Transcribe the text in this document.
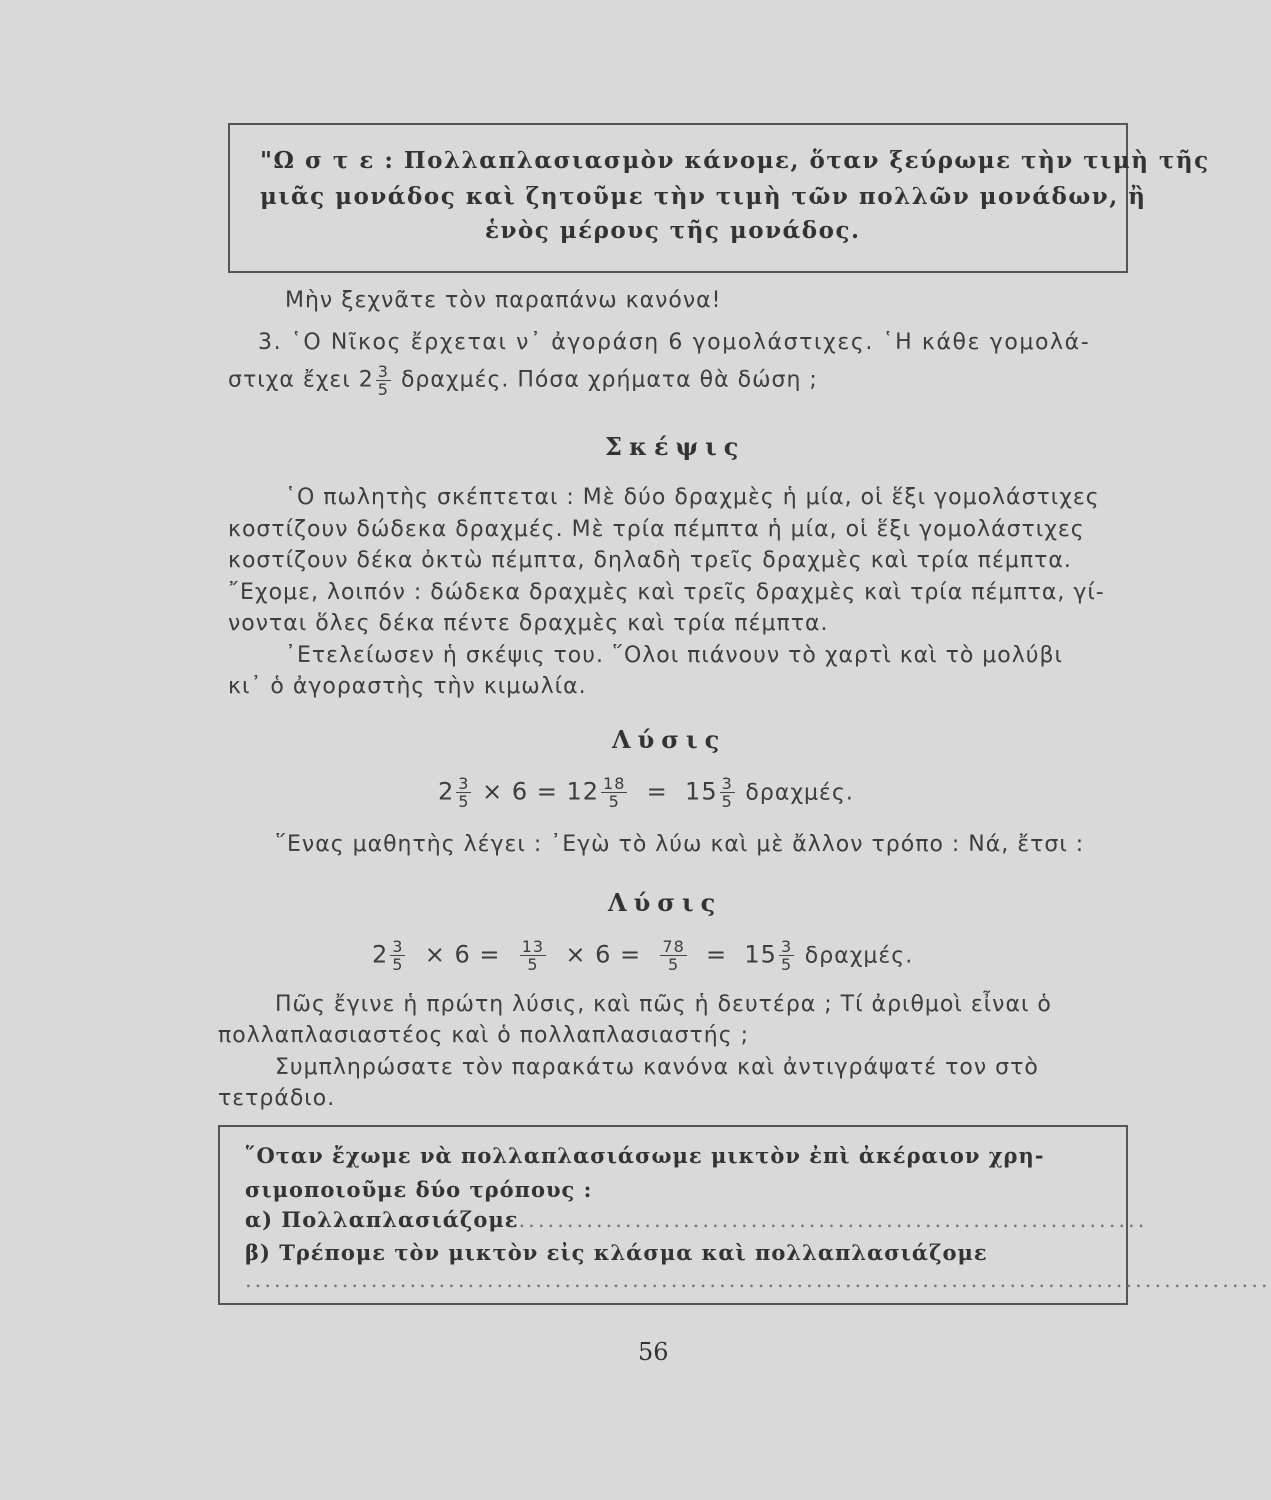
"Ω σ τ ε : Πολλαπλασιασμὸν κάνομε, ὅταν ξεύρωμε τὴν τιμὴ τῆς
μιᾶς μονάδος καὶ ζητοῦμε τὴν τιμὴ τῶν πολλῶν μονάδων, ἢ
ἑνὸς μέρους τῆς μονάδος.
Μὴν ξεχνᾶτε τὸν παραπάνω κανόνα!
3. ῾Ο Νῖκος ἔρχεται ν᾽ ἀγοράση 6 γομολάστιχες. ῾Η κάθε γομολά-
στιχα ἔχει $2 \frac{3}{5} \delta\rho\alpha\chi\mu έ\varsigma$. Πόσα χρήματα θὰ δώση ;
Σκέψις
῾Ο πωλητὴς σκέπτεται : Μὲ δύο δραχμὲς ἡ μία, οἱ ἕξι γομολάστιχες
κοστίζουν δώδεκα δραχμές. Μὲ τρία πέμπτα ἡ μία, οἱ ἕξι γομολάστιχες
κοστίζουν δέκα ὀκτὼ πέμπτα, δηλαδὴ τρεῖς δραχμὲς καὶ τρία πέμπτα.
῎Εχομε, λοιπόν : δώδεκα δραχμὲς καὶ τρεῖς δραχμὲς καὶ τρία πέμπτα, γί-
νονται ὅλες δέκα πέντε δραχμὲς καὶ τρία πέμπτα.
᾽Ετελείωσεν ἡ σκέψις του. ῞Ολοι πιάνουν τὸ χαρτὶ καὶ τὸ μολύβι
κι᾽ ὁ ἀγοραστὴς τὴν κιμωλία.
Λύσις
$2 \frac{3}{5} \times 6 = 12 \frac{18}{5} = 15 \frac{3}{5} \delta\rho\alpha\chi\mu έ\varsigma$.
῞Ενας μαθητὴς λέγει : ᾽Εγὼ τὸ λύω καὶ μὲ ἄλλον τρόπο : Νά, ἔτσι :
Λύσις
$2 \frac{3}{5} \times 6 = \frac{13}{5} \times 6 = \frac{78}{5} = 15 \frac{3}{5} \delta\rho\alpha\chi\mu έ\varsigma$.
Πῶς ἔγινε ἡ πρώτη λύσις, καὶ πῶς ἡ δευτέρα ; Τί ἀριθμοὶ εἶναι ὁ
πολλαπλασιαστέος καὶ ὁ πολλαπλασιαστής ;
Συμπληρώσατε τὸν παρακάτω κανόνα καὶ ἀντιγράψατέ τον στὸ
τετράδιο.
῞Οταν ἔχωμε νὰ πολλαπλασιάσωμε μικτὸν ἐπὶ ἀκέραιον χρη-
σιμοποιοῦμε δύο τρόπους :
α) Πολλαπλασιάζομε.................................................................
β) Τρέπομε τὸν μικτὸν εἰς κλάσμα καὶ πολλαπλασιάζομε
..........................................................................................................
56
